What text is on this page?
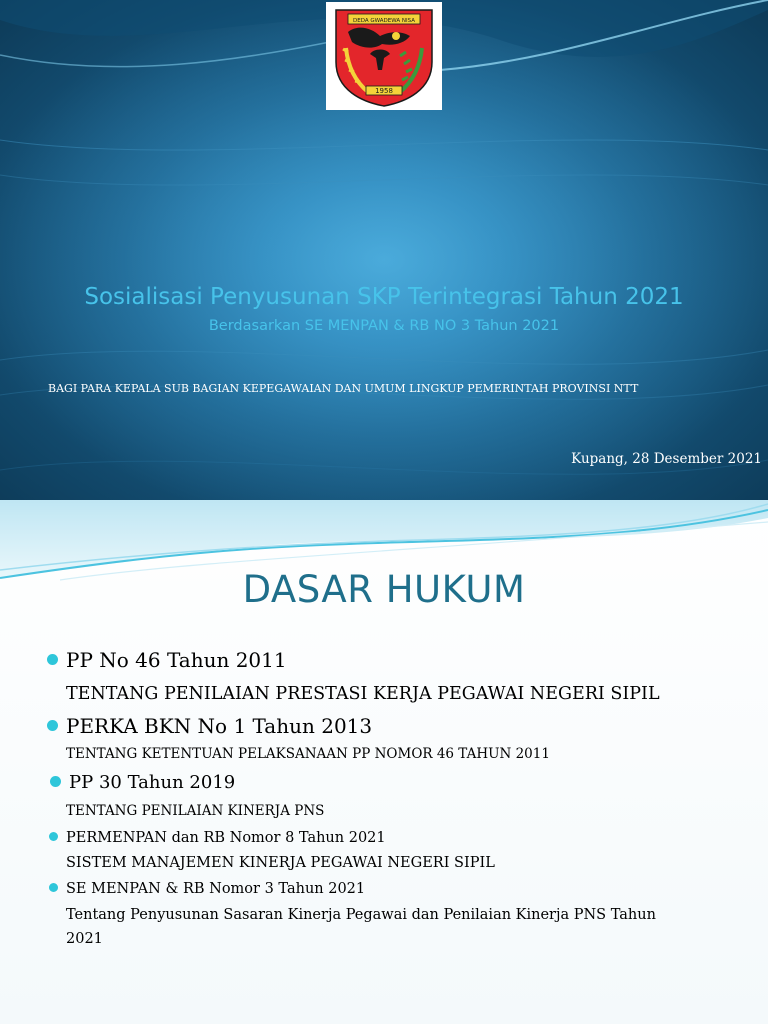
DEDA GWADEWA NISA
1958
Sosialisasi Penyusunan SKP Terintegrasi Tahun 2021
Berdasarkan SE MENPAN & RB NO 3 Tahun 2021
BAGI PARA KEPALA SUB BAGIAN KEPEGAWAIAN DAN UMUM LINGKUP PEMERINTAH PROVINSI NTT
Kupang, 28 Desember 2021
DASAR HUKUM
PP No 46 Tahun 2011
TENTANG PENILAIAN PRESTASI KERJA PEGAWAI NEGERI SIPIL
PERKA BKN No 1 Tahun 2013
TENTANG KETENTUAN PELAKSANAAN PP NOMOR 46 TAHUN 2011
PP 30 Tahun 2019
TENTANG PENILAIAN KINERJA PNS
PERMENPAN dan RB Nomor 8 Tahun 2021
SISTEM MANAJEMEN KINERJA PEGAWAI NEGERI SIPIL
SE MENPAN & RB Nomor 3 Tahun 2021
Tentang Penyusunan Sasaran Kinerja Pegawai dan Penilaian Kinerja PNS Tahun
2021
